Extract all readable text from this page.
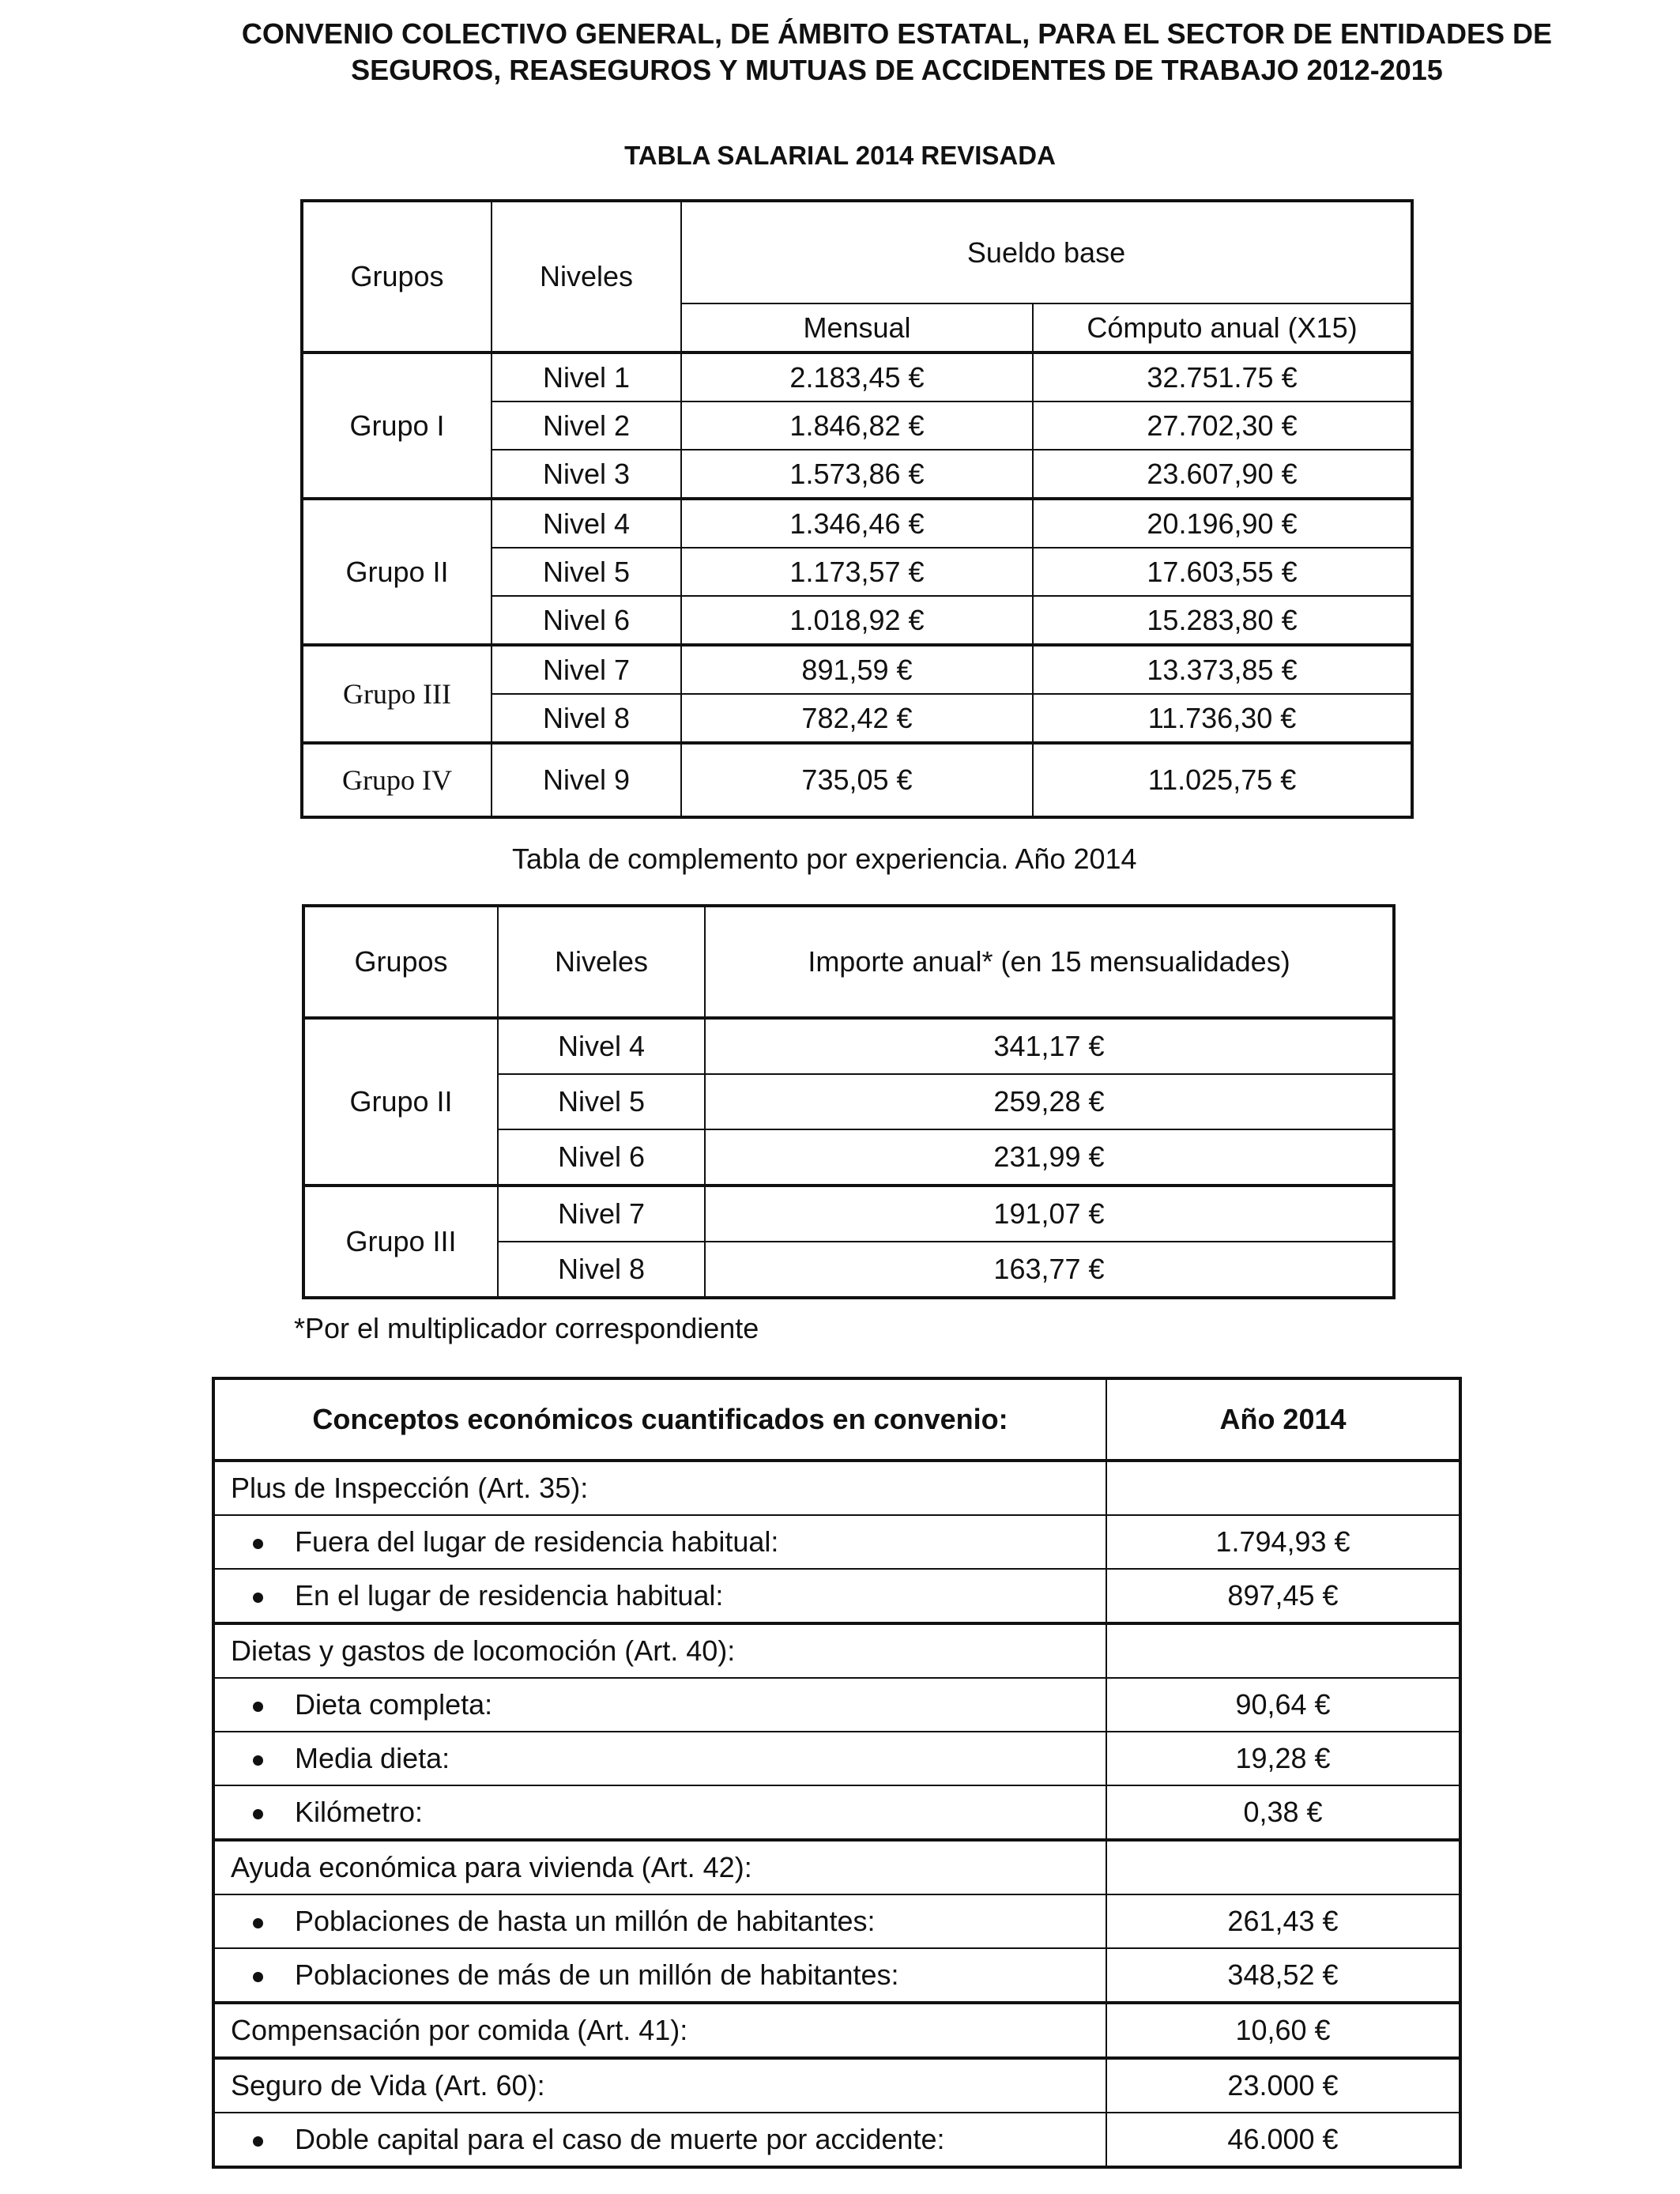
CONVENIO COLECTIVO GENERAL, DE ÁMBITO ESTATAL, PARA EL SECTOR DE ENTIDADES DE
SEGUROS, REASEGUROS Y MUTUAS DE ACCIDENTES DE TRABAJO 2012-2015
TABLA SALARIAL 2014 REVISADA
Grupos	Niveles	Sueldo base	
		Mensual	Cómputo anual (X15)
Grupo I	Nivel 1	2.183,45 €	32.751.75 €
	Nivel 2	1.846,82 €	27.702,30 €
	Nivel 3	1.573,86 €	23.607,90 €
Grupo II	Nivel 4	1.346,46 €	20.196,90 €
	Nivel 5	1.173,57 €	17.603,55 €
	Nivel 6	1.018,92 €	15.283,80 €
Grupo III	Nivel 7	891,59 €	13.373,85 €
	Nivel 8	782,42 €	11.736,30 €
Grupo IV	Nivel 9	735,05 €	11.025,75 €
Tabla de complemento por experiencia. Año 2014
Grupos	Niveles	Importe anual* (en 15 mensualidades)
Grupo II	Nivel 4	341,17 €
	Nivel 5	259,28 €
	Nivel 6	231,99 €
Grupo III	Nivel 7	191,07 €
	Nivel 8	163,77 €
*Por el multiplicador correspondiente
Conceptos económicos cuantificados en convenio:	Año 2014
Plus de Inspección (Art. 35):	
Fuera del lugar de residencia habitual:	1.794,93 €
En el lugar de residencia habitual:	897,45 €
Dietas y gastos de locomoción (Art. 40):	
Dieta completa:	90,64 €
Media dieta:	19,28 €
Kilómetro:	0,38 €
Ayuda económica para vivienda (Art. 42):	
Poblaciones de hasta un millón de habitantes:	261,43 €
Poblaciones de más de un millón de habitantes:	348,52 €
Compensación por comida (Art. 41):	10,60 €
Seguro de Vida (Art. 60):	23.000 €
Doble capital para el caso de muerte por accidente:	46.000 €
